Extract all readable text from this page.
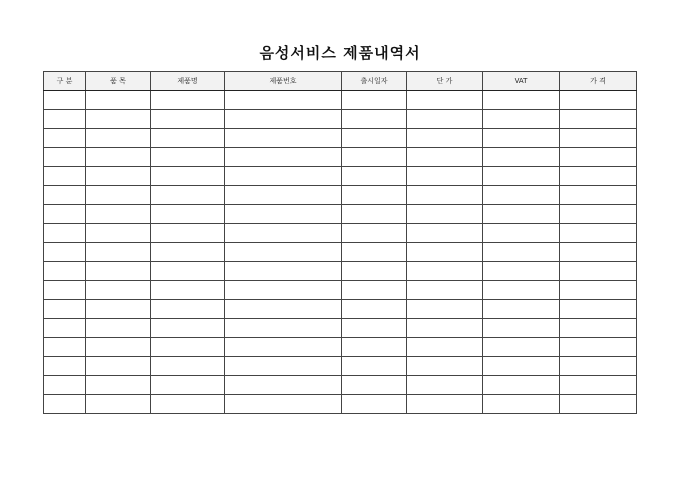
음성서비스 제품내역서
구 분	품 목	제품명	제품번호	출시일자	단 가	VAT	가 격
